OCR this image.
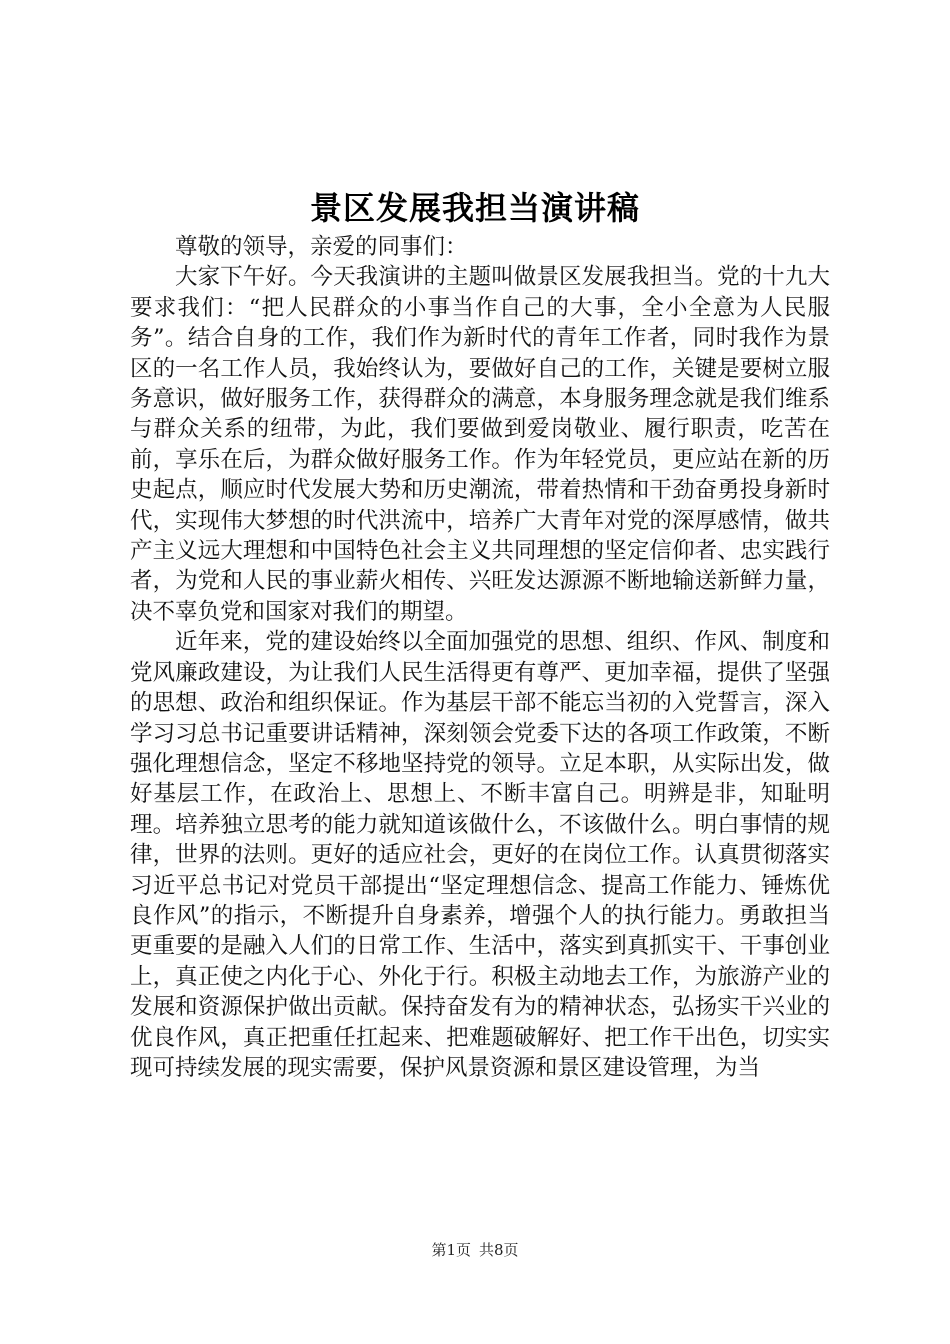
景区发展我担当演讲稿

尊敬的领导，亲爱的同事们：

大家下午好。今天我演讲的主题叫做景区发展我担当。党的十九大要求我们：“把人民群众的小事当作自己的大事，全小全意为人民服务”。结合自身的工作，我们作为新时代的青年工作者，同时我作为景区的一名工作人员，我始终认为，要做好自己的工作，关键是要树立服务意识，做好服务工作，获得群众的满意，本身服务理念就是我们维系与群众关系的纽带，为此，我们要做到爱岗敬业、履行职责，吃苦在前，享乐在后，为群众做好服务工作。作为年轻党员，更应站在新的历史起点，顺应时代发展大势和历史潮流，带着热情和干劲奋勇投身新时代，实现伟大梦想的时代洪流中，培养广大青年对党的深厚感情，做共产主义远大理想和中国特色社会主义共同理想的坚定信仰者、忠实践行者，为党和人民的事业薪火相传、兴旺发达源源不断地输送新鲜力量，决不辜负党和国家对我们的期望。

近年来，党的建设始终以全面加强党的思想、组织、作风、制度和党风廉政建设，为让我们人民生活得更有尊严、更加幸福，提供了坚强的思想、政治和组织保证。作为基层干部不能忘当初的入党誓言，深入学习习总书记重要讲话精神，深刻领会党委下达的各项工作政策，不断强化理想信念，坚定不移地坚持党的领导。立足本职，从实际出发，做好基层工作，在政治上、思想上、不断丰富自己。明辨是非，知耻明理。培养独立思考的能力就知道该做什么，不该做什么。明白事情的规律，世界的法则。更好的适应社会，更好的在岗位工作。认真贯彻落实习近平总书记对党员干部提出“坚定理想信念、提高工作能力、锤炼优良作风”的指示，不断提升自身素养，增强个人的执行能力。勇敢担当更重要的是融入人们的日常工作、生活中，落实到真抓实干、干事创业上，真正使之内化于心、外化于行。积极主动地去工作，为旅游产业的发展和资源保护做出贡献。保持奋发有为的精神状态，弘扬实干兴业的优良作风，真正把重任扛起来、把难题破解好、把工作干出色，切实实现可持续发展的现实需要，保护风景资源和景区建设管理，为当

第1页 共8页
